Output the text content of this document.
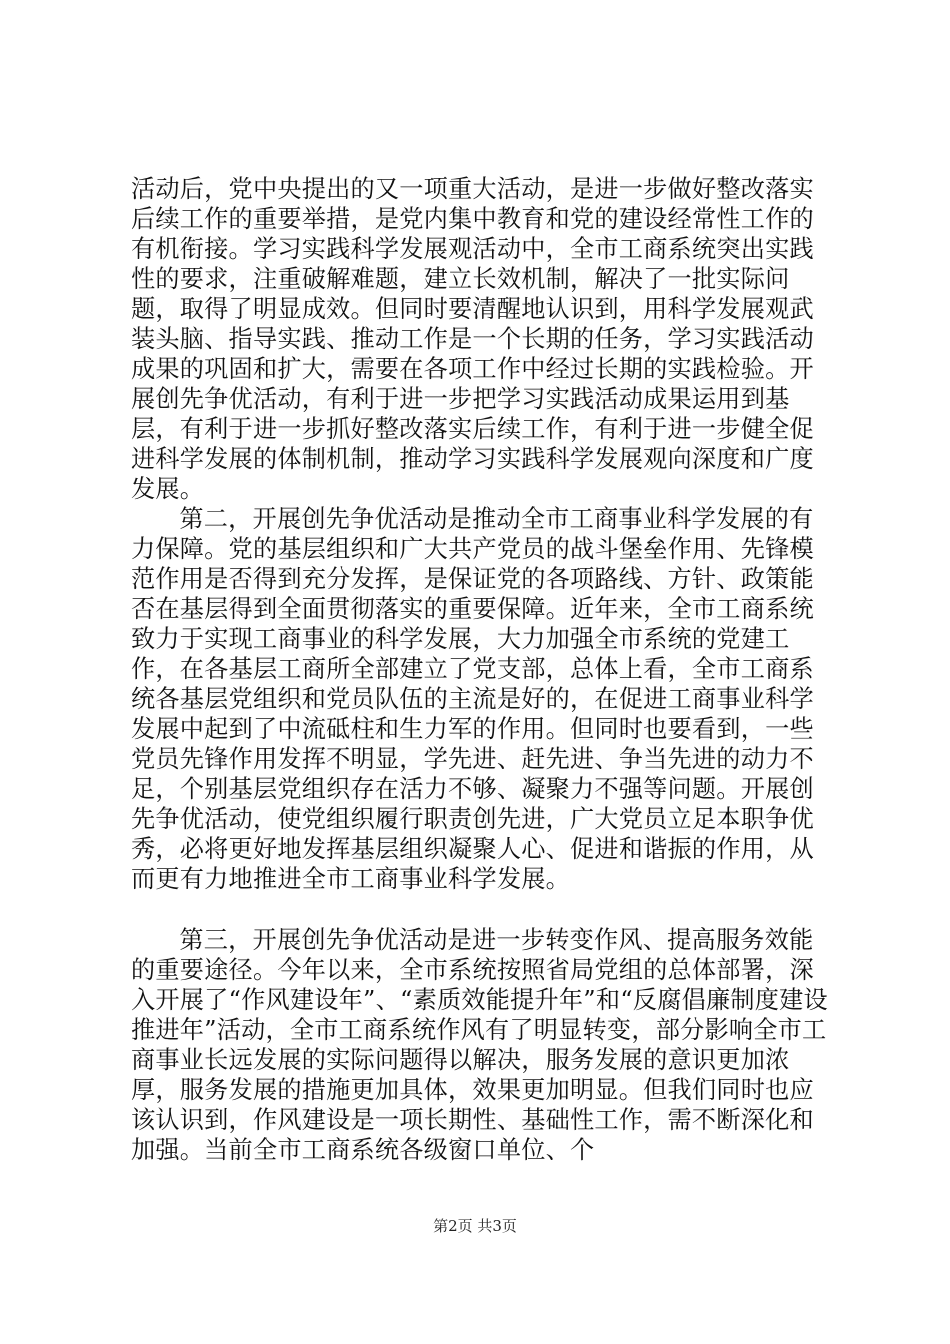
活动后，党中央提出的又一项重大活动，是进一步做好整改落实后续工作的重要举措，是党内集中教育和党的建设经常性工作的有机衔接。学习实践科学发展观活动中，全市工商系统突出实践性的要求，注重破解难题，建立长效机制，解决了一批实际问题，取得了明显成效。但同时要清醒地认识到，用科学发展观武装头脑、指导实践、推动工作是一个长期的任务，学习实践活动成果的巩固和扩大，需要在各项工作中经过长期的实践检验。开展创先争优活动，有利于进一步把学习实践活动成果运用到基层，有利于进一步抓好整改落实后续工作，有利于进一步健全促进科学发展的体制机制，推动学习实践科学发展观向深度和广度发展。

第二，开展创先争优活动是推动全市工商事业科学发展的有力保障。党的基层组织和广大共产党员的战斗堡垒作用、先锋模范作用是否得到充分发挥，是保证党的各项路线、方针、政策能否在基层得到全面贯彻落实的重要保障。近年来，全市工商系统致力于实现工商事业的科学发展，大力加强全市系统的党建工作，在各基层工商所全部建立了党支部，总体上看，全市工商系统各基层党组织和党员队伍的主流是好的，在促进工商事业科学发展中起到了中流砥柱和生力军的作用。但同时也要看到，一些党员先锋作用发挥不明显，学先进、赶先进、争当先进的动力不足，个别基层党组织存在活力不够、凝聚力不强等问题。开展创先争优活动，使党组织履行职责创先进，广大党员立足本职争优秀，必将更好地发挥基层组织凝聚人心、促进和谐振的作用，从而更有力地推进全市工商事业科学发展。

第三，开展创先争优活动是进一步转变作风、提高服务效能的重要途径。今年以来，全市系统按照省局党组的总体部署，深入开展了“作风建设年”、“素质效能提升年”和“反腐倡廉制度建设推进年”活动，全市工商系统作风有了明显转变，部分影响全市工商事业长远发展的实际问题得以解决，服务发展的意识更加浓厚，服务发展的措施更加具体，效果更加明显。但我们同时也应该认识到，作风建设是一项长期性、基础性工作，需不断深化和加强。当前全市工商系统各级窗口单位、个

第2页 共3页
